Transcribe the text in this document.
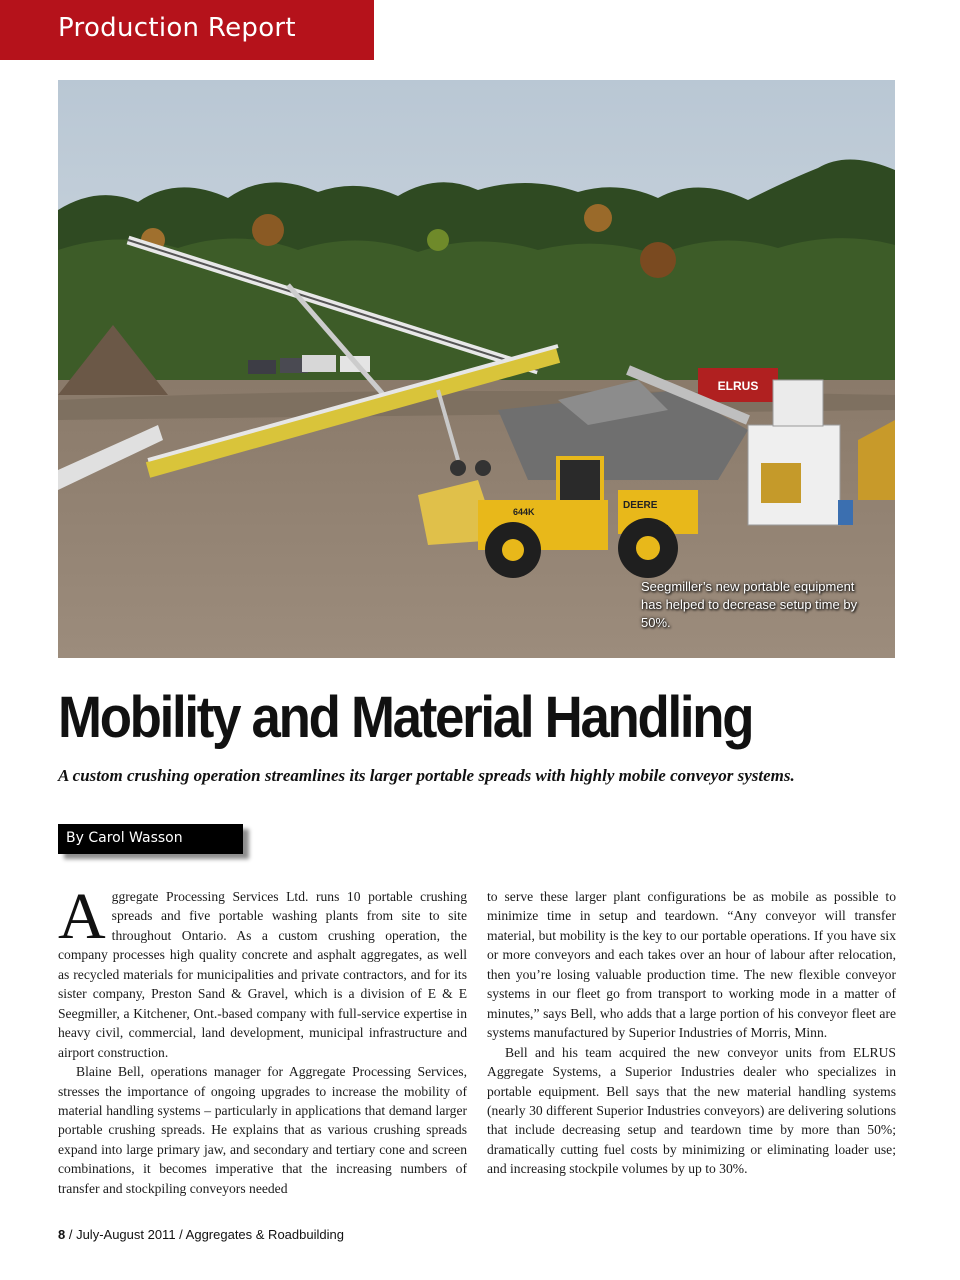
Production Report
ELRUS
644K
DEERE
Seegmiller’s new portable equipment has helped to decrease setup time by 50%.
Mobility and Material Handling

A custom crushing operation streamlines its larger portable spreads with highly mobile conveyor systems.

By Carol Wasson

Aggregate Processing Services Ltd. runs 10 portable crushing spreads and five portable washing plants from site to site throughout Ontario. As a custom crushing operation, the company processes high quality concrete and asphalt aggregates, as well as recycled materials for municipalities and private contractors, and for its sister company, Preston Sand & Gravel, which is a division of E & E Seegmiller, a Kitchener, Ont.-based company with full-service expertise in heavy civil, commercial, land development, municipal infrastructure and airport construction.

Blaine Bell, operations manager for Aggregate Processing Services, stresses the importance of ongoing upgrades to increase the mobility of material handling systems – particularly in applications that demand larger portable crushing spreads. He explains that as various crushing spreads expand into large primary jaw, and secondary and tertiary cone and screen combinations, it becomes imperative that the increasing numbers of transfer and stockpiling conveyors needed

to serve these larger plant configurations be as mobile as possible to minimize time in setup and teardown. “Any conveyor will transfer material, but mobility is the key to our portable operations. If you have six or more conveyors and each takes over an hour of labour after relocation, then you’re losing valuable production time. The new flexible conveyor systems in our fleet go from transport to working mode in a matter of minutes,” says Bell, who adds that a large portion of his conveyor fleet are systems manufactured by Superior Industries of Morris, Minn.

Bell and his team acquired the new conveyor units from ELRUS Aggregate Systems, a Superior Industries dealer who specializes in portable equipment. Bell says that the new material handling systems (nearly 30 different Superior Industries conveyors) are delivering solutions that include decreasing setup and teardown time by more than 50%; dramatically cutting fuel costs by minimizing or eliminating loader use; and increasing stockpile volumes by up to 30%.

8 / July-August 2011 / Aggregates & Roadbuilding
